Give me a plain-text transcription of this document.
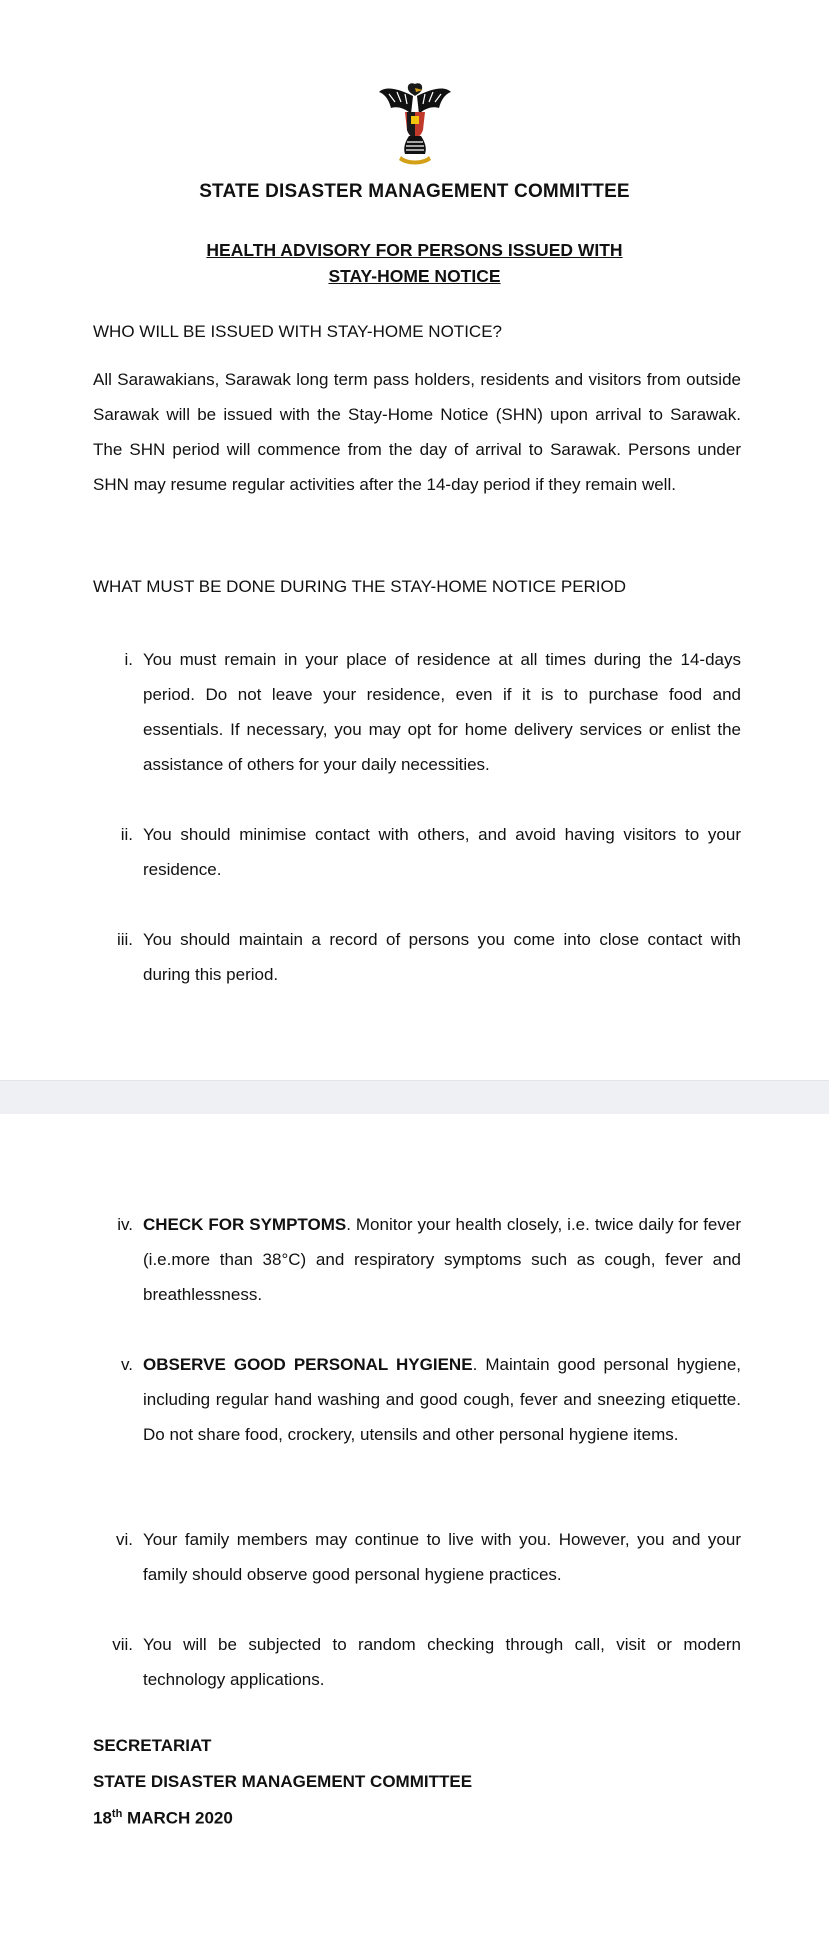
STATE DISASTER MANAGEMENT COMMITTEE
HEALTH ADVISORY FOR PERSONS ISSUED WITH
STAY-HOME NOTICE
WHO WILL BE ISSUED WITH STAY-HOME NOTICE?
All Sarawakians, Sarawak long term pass holders, residents and visitors from outside Sarawak will be issued with the Stay-Home Notice (SHN) upon arrival to Sarawak. The SHN period will commence from the day of arrival to Sarawak. Persons under SHN may resume regular activities after the 14-day period if they remain well.
WHAT MUST BE DONE DURING THE STAY-HOME NOTICE PERIOD
i. You must remain in your place of residence at all times during the 14-days period. Do not leave your residence, even if it is to purchase food and essentials. If necessary, you may opt for home delivery services or enlist the assistance of others for your daily necessities.
ii. You should minimise contact with others, and avoid having visitors to your residence.
iii. You should maintain a record of persons you come into close contact with during this period.
iv. CHECK FOR SYMPTOMS. Monitor your health closely, i.e. twice daily for fever (i.e.more than 38°C) and respiratory symptoms such as cough, fever and breathlessness.
v. OBSERVE GOOD PERSONAL HYGIENE. Maintain good personal hygiene, including regular hand washing and good cough, fever and sneezing etiquette. Do not share food, crockery, utensils and other personal hygiene items.
vi. Your family members may continue to live with you. However, you and your family should observe good personal hygiene practices.
vii. You will be subjected to random checking through call, visit or modern technology applications.
SECRETARIAT
STATE DISASTER MANAGEMENT COMMITTEE
18th MARCH 2020
